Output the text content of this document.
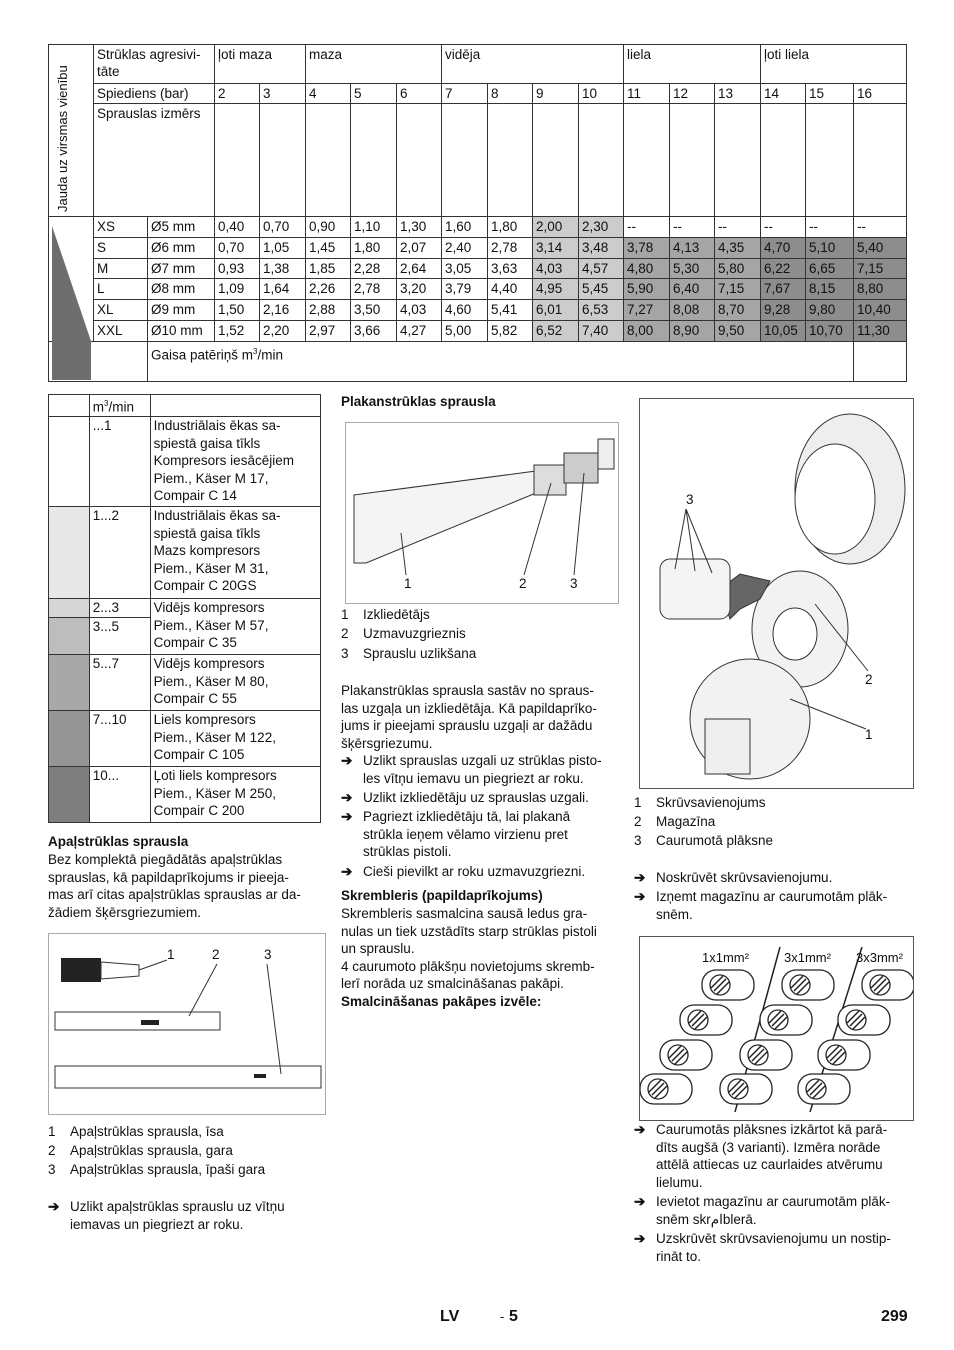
	Strūklas agresivi-tāte		ļoti maza		maza			vidēja				liela			ļoti liela		
	Spiediens (bar)		2	3	4	5	6	7	8	9	10	11	12	13	14	15	16
	Sprauslas izmērs																
	XS	Ø5 mm	0,40	0,70	0,90	1,10	1,30	1,60	1,80	2,00	2,30	--	--	--	--	--	--
	S	Ø6 mm	0,70	1,05	1,45	1,80	2,07	2,40	2,78	3,14	3,48	3,78	4,13	4,35	4,70	5,10	5,40
	M	Ø7 mm	0,93	1,38	1,85	2,28	2,64	3,05	3,63	4,03	4,57	4,80	5,30	5,80	6,22	6,65	7,15
	L	Ø8 mm	1,09	1,64	2,26	2,78	3,20	3,79	4,40	4,95	5,45	5,90	6,40	7,15	7,67	8,15	8,80
	XL	Ø9 mm	1,50	2,16	2,88	3,50	4,03	4,60	5,41	6,01	6,53	7,27	8,08	8,70	9,28	9,80	10,40
	XXL	Ø10 mm	1,52	2,20	2,97	3,66	4,27	5,00	5,82	6,52	7,40	8,00	8,90	9,50	10,05	10,70	11,30
		Gaisa patēriņš $m^3/\min$															
Jauda uz virsmas vienību
	$m^3/\min$	
	...1	Industriālais ēkas sa-
spiestā gaisa tīkls
Kompresors iesācējiem
Piem., Käser M 17,
Compair C 14

	1...2	Industriālais ēkas sa-
spiestā gaisa tīkls
Mazs kompresors
Piem., Käser M 31,
Compair C 20GS

	2...3	Vidējs kompresors
Piem., Käser M 57,
Compair C 35

	3...5	
	5...7	Vidējs kompresors
Piem., Käser M 80,
Compair C 55

	7...10	Liels kompresors
Piem., Käser M 122,
Compair C 105

	10...	Ļoti liels kompresors
Piem., Käser M 250,
Compair C 200
Apaļstrūklas sprausla
Bez komplektā piegādātās apaļstrūklas
sprauslas, kā papildaprīkojums ir pieeja-
mas arī citas apaļstrūklas sprauslas ar da-
žādiem šķērsgriezumiem.
1	2	3
1 Apaļstrūklas sprausla, īsa
2 Apaļstrūklas sprausla, gara
3 Apaļstrūklas sprausla, īpaši gara
➔ Uzlikt apaļstrūklas sprauslu uz vītņu
iemavas un piegriezt ar roku.
Plakanstrūklas sprausla
1	2	3
1 Izkliedētājs
2 Uzmavuzgrieznis
3 Sprauslu uzlikšana
Plakanstrūklas sprausla sastāv no spraus-
las uzgaļa un izkliedētāja. Kā papildaprīko-
jums ir pieejami sprauslu uzgaļi ar dažādu
šķērsgriezumu.
➔ Uzlikt sprauslas uzgali uz strūklas pisto-
les vītņu iemavu un piegriezt ar roku.
➔ Uzlikt izkliedētāju uz sprauslas uzgali.
➔ Pagriezt izkliedētāju tā, lai plakanā
strūkla ieņem vēlamo virzienu pret
strūklas pistoli.
➔ Cieši pievilkt ar roku uzmavuzgriezni.
Skrembleris (papildaprīkojums)
Skrembleris sasmalcina sausā ledus gra-
nulas un tiek uzstādīts starp strūklas pistoli
un sprauslu.
4 caurumoto plākšņu novietojums skremb-
lerī norāda uz smalcināšanas pakāpi.
Smalcināšanas pakāpes izvēle:
3
2
1
1 Skrūvsavienojums
2 Magazīna
3 Caurumotā plāksne
➔ Noskrūvēt skrūvsavienojumu.
➔ Izņemt magazīnu ar caurumotām plāk-
snēm.
1x1mm²	3x1mm² 3x3mm²
➔ Caurumotās plāksnes izkārtot kā parā-
dīts augšā (3 varianti). Izmēra norāde
attēlā attiecas uz caurlaides atvērumu
lielumu.
➔ Ievietot magazīnu ar caurumotām plāk-
snēm skrامblerā.
➔ Uzskrūvēt skrūvsavienojumu un nostip-
rināt to.
LV	- 5	299
